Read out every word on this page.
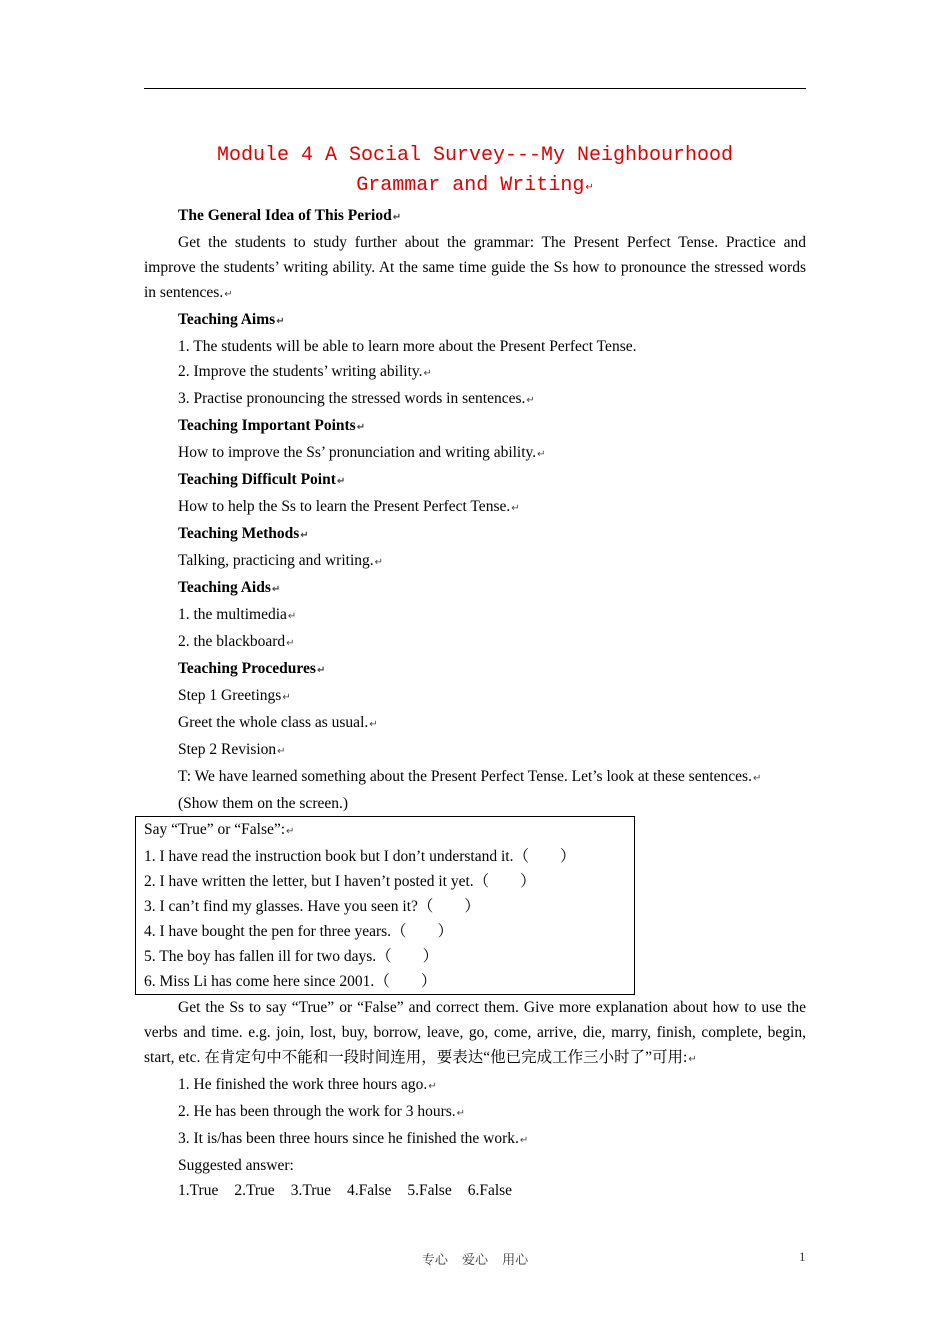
Module 4 A Social Survey---My Neighbourhood
Grammar and Writing↵

The General Idea of This Period↵

Get the students to study further about the grammar: The Present Perfect Tense. Practice and improve the students’ writing ability. At the same time guide the Ss how to pronounce the stressed words in sentences.↵

Teaching Aims↵

1. The students will be able to learn more about the Present Perfect Tense.

2. Improve the students’ writing ability.↵

3. Practise pronouncing the stressed words in sentences.↵

Teaching Important Points↵

How to improve the Ss’ pronunciation and writing ability.↵

Teaching Difficult Point↵

How to help the Ss to learn the Present Perfect Tense.↵

Teaching Methods↵

Talking, practicing and writing.↵

Teaching Aids↵

1. the multimedia↵

2. the blackboard↵

Teaching Procedures↵

Step 1 Greetings↵

Greet the whole class as usual.↵

Step 2 Revision↵

T: We have learned something about the Present Perfect Tense. Let’s look at these sentences.↵

(Show them on the screen.)

Say “True” or “False”:↵

1. I have read the instruction book but I don’t understand it.（　　）

2. I have written the letter, but I haven’t posted it yet.（　　）

3. I can’t find my glasses. Have you seen it?（　　）

4. I have bought the pen for three years.（　　）

5. The boy has fallen ill for two days.（　　）

6. Miss Li has come here since 2001.（　　）

Get the Ss to say “True” or “False” and correct them. Give more explanation about how to use the verbs and time. e.g. join, lost, buy, borrow, leave, go, come, arrive, die, marry, finish, complete, begin, start, etc. 在肯定句中不能和一段时间连用，要表达“他已完成工作三小时了”可用:↵

1. He finished the work three hours ago.↵

2. He has been through the work for 3 hours.↵

3. It is/has been three hours since he finished the work.↵

Suggested answer:

1.True 2.True 3.True 4.False 5.False 6.False

专心 爱心 用心	1
